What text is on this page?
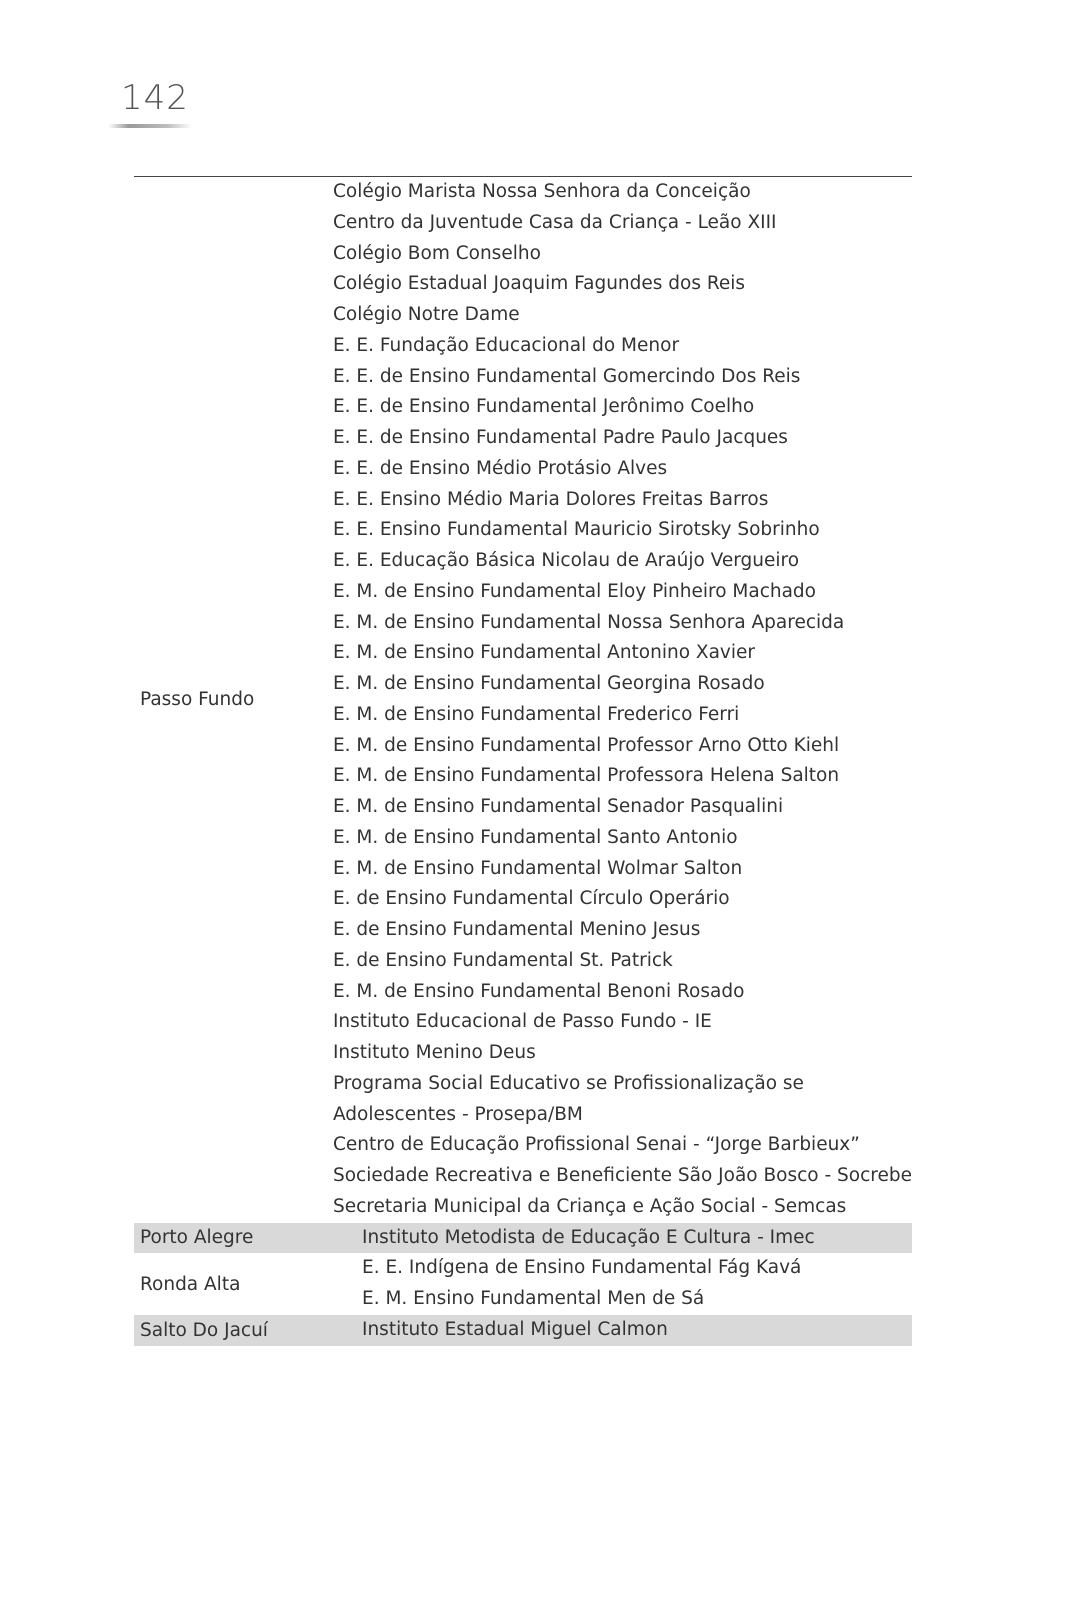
142
Passo Fundo
Colégio Marista Nossa Senhora da Conceição
Centro da Juventude Casa da Criança - Leão XIII
Colégio Bom Conselho
Colégio Estadual Joaquim Fagundes dos Reis
Colégio Notre Dame
E. E. Fundação Educacional do Menor
E. E. de Ensino Fundamental Gomercindo Dos Reis
E. E. de Ensino Fundamental Jerônimo Coelho
E. E. de Ensino Fundamental Padre Paulo Jacques
E. E. de Ensino Médio Protásio Alves
E. E. Ensino Médio Maria Dolores Freitas Barros
E. E. Ensino Fundamental Mauricio Sirotsky Sobrinho
E. E. Educação Básica Nicolau de Araújo Vergueiro
E. M. de Ensino Fundamental Eloy Pinheiro Machado
E. M. de Ensino Fundamental Nossa Senhora Aparecida
E. M. de Ensino Fundamental Antonino Xavier
E. M. de Ensino Fundamental Georgina Rosado
E. M. de Ensino Fundamental Frederico Ferri
E. M. de Ensino Fundamental Professor Arno Otto Kiehl
E. M. de Ensino Fundamental Professora Helena Salton
E. M. de Ensino Fundamental Senador Pasqualini
E. M. de Ensino Fundamental Santo Antonio
E. M. de Ensino Fundamental Wolmar Salton
E. de Ensino Fundamental Círculo Operário
E. de Ensino Fundamental Menino Jesus
E. de Ensino Fundamental St. Patrick
E. M. de Ensino Fundamental Benoni Rosado
Instituto Educacional de Passo Fundo - IE
Instituto Menino Deus
Programa Social Educativo se Profissionalização se
Adolescentes - Prosepa/BM
Centro de Educação Profissional Senai - “Jorge Barbieux”
Sociedade Recreativa e Beneficiente São João Bosco - Socrebe
Secretaria Municipal da Criança e Ação Social - Semcas
Porto Alegre	Instituto Metodista de Educação E Cultura - Imec
Ronda Alta
E. E. Indígena de Ensino Fundamental Fág Kavá
E. M. Ensino Fundamental Men de Sá
Salto Do Jacuí	Instituto Estadual Miguel Calmon
